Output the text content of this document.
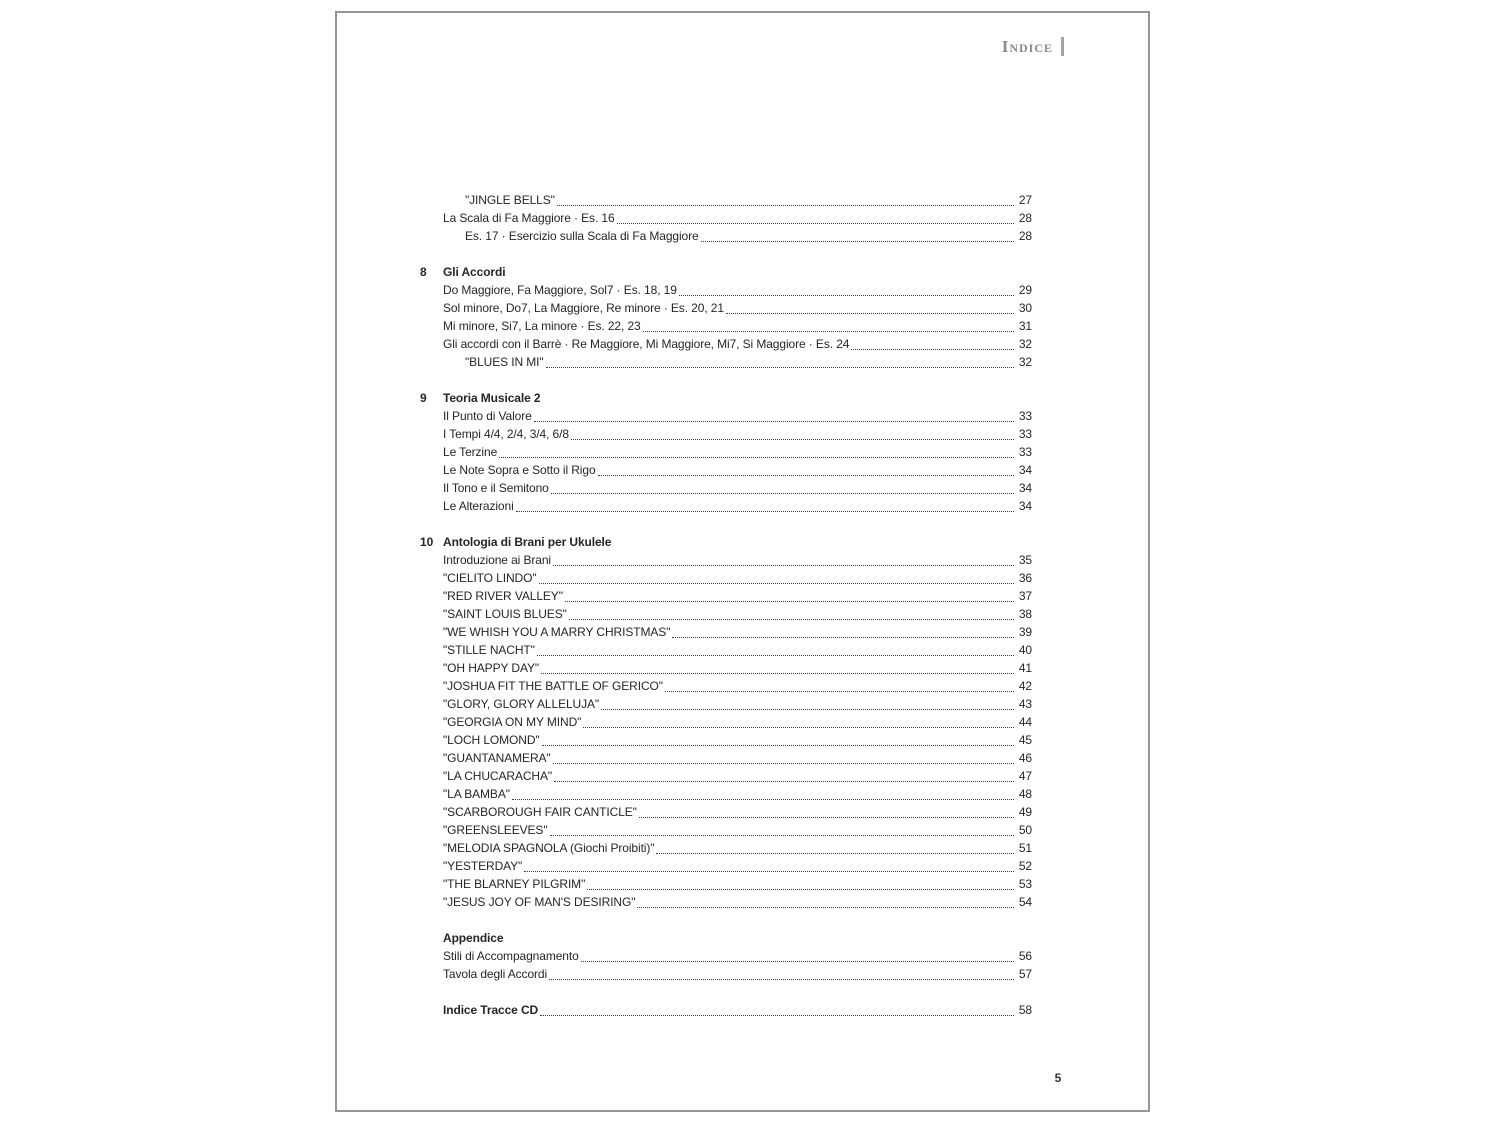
Indice
"JINGLE BELLS"	27
La Scala di Fa Maggiore · Es. 16	28
Es. 17 · Esercizio sulla Scala di Fa Maggiore	28
8	Gli Accordi
Do Maggiore, Fa Maggiore, Sol7 · Es. 18, 19	29
Sol minore, Do7, La Maggiore, Re minore · Es. 20, 21	30
Mi minore, Si7, La minore · Es. 22, 23	31
Gli accordi con il Barrè · Re Maggiore, Mi Maggiore, Mi7, Si Maggiore · Es. 24	32
"BLUES IN MI"	32
9	Teoria Musicale 2
Il Punto di Valore	33
I Tempi 4/4, 2/4, 3/4, 6/8	33
Le Terzine	33
Le Note Sopra e Sotto il Rigo	34
Il Tono e il Semitono	34
Le Alterazioni	34
10 Antologia di Brani per Ukulele
Introduzione ai Brani	35
"CIELITO LINDO"	36
"RED RIVER VALLEY"	37
"SAINT LOUIS BLUES"	38
"WE WHISH YOU A MARRY CHRISTMAS"	39
"STILLE NACHT"	40
"OH HAPPY DAY"	41
"JOSHUA FIT THE BATTLE OF GERICO"	42
"GLORY, GLORY ALLELUJA"	43
"GEORGIA ON MY MIND"	44
"LOCH LOMOND"	45
"GUANTANAMERA"	46
"LA CHUCARACHA"	47
"LA BAMBA"	48
"SCARBOROUGH FAIR CANTICLE"	49
"GREENSLEEVES"	50
"MELODIA SPAGNOLA (Giochi Proibiti)"	51
"YESTERDAY"	52
"THE BLARNEY PILGRIM"	53
"JESUS JOY OF MAN'S DESIRING"	54
Appendice
Stili di Accompagnamento	56
Tavola degli Accordi	57
Indice Tracce CD	58
5
